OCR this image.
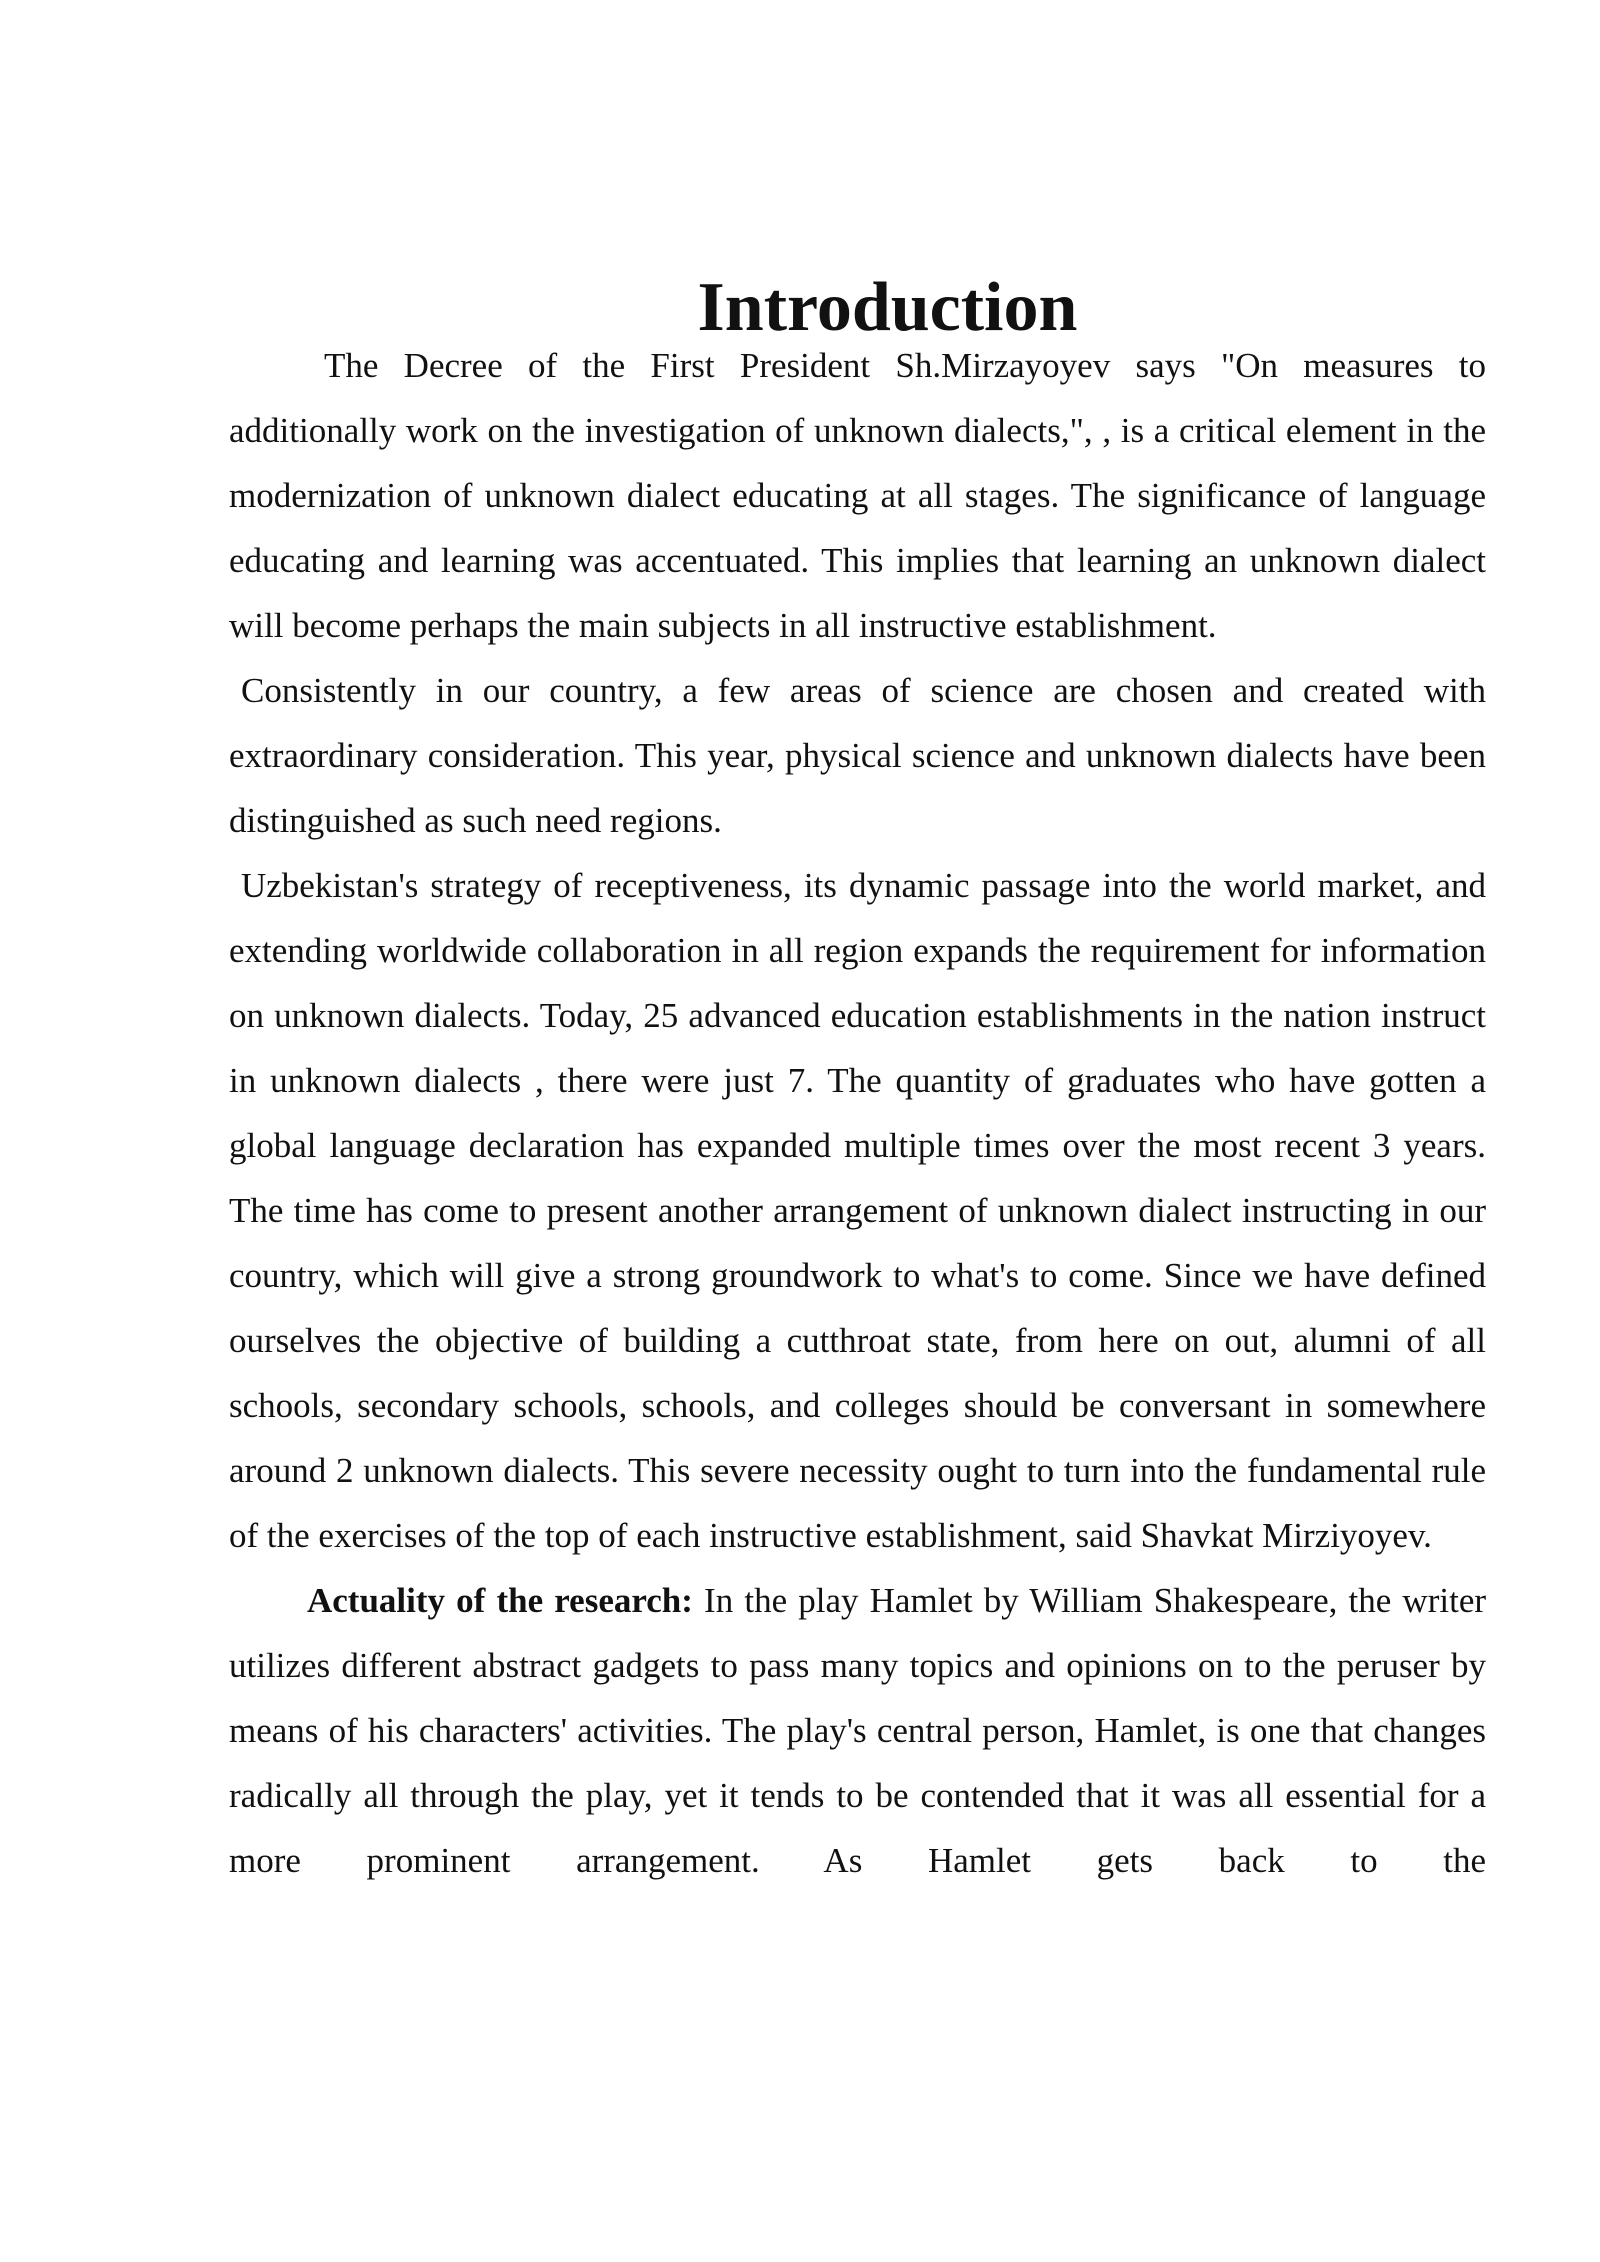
Introduction

The Decree of the First President Sh.Mirzayoyev says "On measures to additionally work on the investigation of unknown dialects,", , is a critical element in the modernization of unknown dialect educating at all stages. The significance of language educating and learning was accentuated. This implies that learning an unknown dialect will become perhaps the main subjects in all instructive establishment.

Consistently in our country, a few areas of science are chosen and created with extraordinary consideration. This year, physical science and unknown dialects have been distinguished as such need regions.

Uzbekistan's strategy of receptiveness, its dynamic passage into the world market, and extending worldwide collaboration in all region expands the requirement for information on unknown dialects. Today, 25 advanced education establishments in the nation instruct in unknown dialects , there were just 7. The quantity of graduates who have gotten a global language declaration has expanded multiple times over the most recent 3 years. The time has come to present another arrangement of unknown dialect instructing in our country, which will give a strong groundwork to what's to come. Since we have defined ourselves the objective of building a cutthroat state, from here on out, alumni of all schools, secondary schools, schools, and colleges should be conversant in somewhere around 2 unknown dialects. This severe necessity ought to turn into the fundamental rule of the exercises of the top of each instructive establishment, said Shavkat Mirziyoyev.

Actuality of the research: In the play Hamlet by William Shakespeare, the writer utilizes different abstract gadgets to pass many topics and opinions on to the peruser by means of his characters' activities. The play's central person, Hamlet, is one that changes radically all through the play, yet it tends to be contended that it was all essential for a more prominent arrangement. As Hamlet gets back to the
